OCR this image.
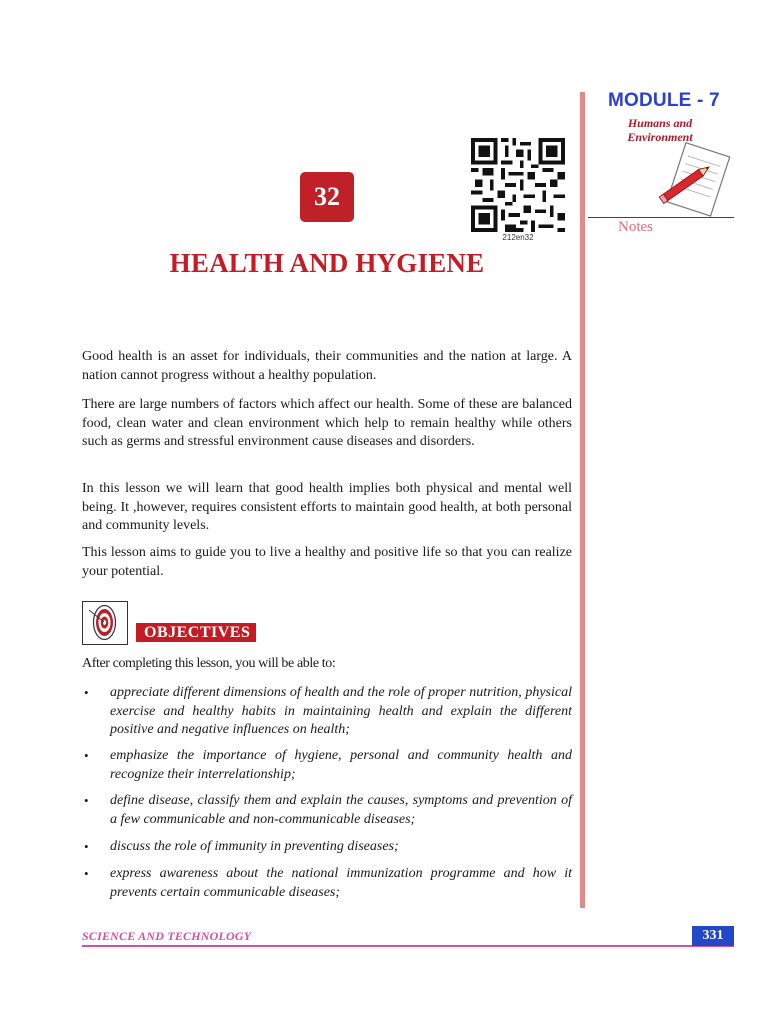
MODULE - 7
Humans and
Environment
Notes
32
212en32
HEALTH AND HYGIENE

Good health is an asset for individuals, their communities and the nation at large. A nation cannot progress without a healthy population.

There are large numbers of factors which affect our health. Some of these are balanced food, clean water and clean environment which help to remain healthy while others such as germs and stressful environment cause diseases and disorders.

In this lesson we will learn that good health implies both physical and mental well being. It ,however, requires consistent efforts to maintain good health, at both personal and community levels.

This lesson aims to guide you to live a healthy and positive life so that you can realize your potential.

OBJECTIVES
After completing this lesson, you will be able to:
• appreciate different dimensions of health and the role of proper nutrition, physical exercise and healthy habits in maintaining health and explain the different positive and negative influences on health;

• emphasize the importance of hygiene, personal and community health and recognize their interrelationship;

• define disease, classify them and explain the causes, symptoms and prevention of a few communicable and non-communicable diseases;

• discuss the role of immunity in preventing diseases;

• express awareness about the national immunization programme and how it prevents certain communicable diseases;

SCIENCE AND TECHNOLOGY	331
